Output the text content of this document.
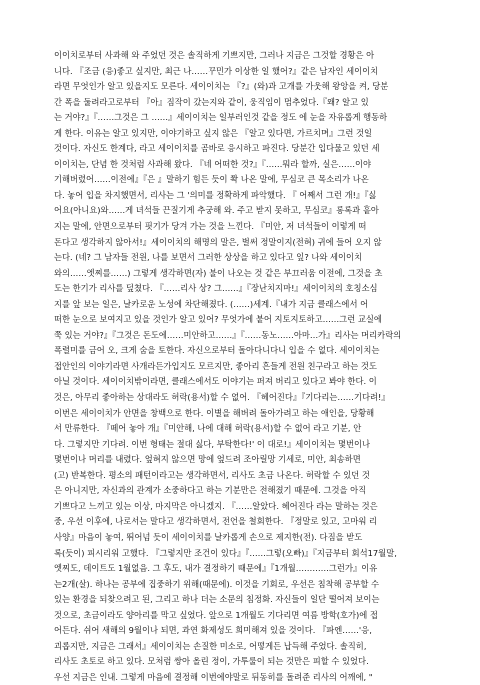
이이치로부터 사과해 와 주었던 것은 솔직하게 기쁘지만, 그러나 지금은 그것할 경황은 아
니다. 『조금 (응)좋고 싶지만, 최근 나……꾸민가 이상한 일 했어?』같은 남자인 세이이치
라면 무엇인가 알고 있을지도 모른다. 세이이치는 『?』(와)과 고개를 가웃해 왕앙을 켜, 당분
간 폭을 둘려라고로부터 『아』짐작이 갔는지와 같이, 웅직임이 멈추었다.『왜? 알고 있
는 거야?』『……그것은 그 ……』세이이치는 일부러인것 같을 정도 에 눈을 자유롭게 행동하
게 한다. 이유는 알고 있지만, 이야기하고 싶지 않은 『알고 있다면, 가르치며』그런 것일
것이다. 자신도 한계다, 라고 세이이치를 곰바로 응시하고 파진다. 당분간 입다물고 있던 세
이이치는, 단념 한 것처럼 사과해 왔다. 『네 어떠한 것?』『……뭐라 할까, 실은……이야
기해버렸어……이전에』『은 』말하기 힘든 듯이 쫙 나온 말에, 무심코 큰 목소리가 나온
다. 놓어 입을 차지했면서, 리사는 그 '의미를 정확하게 파악했다. 『 어째서 그런 개!』『싫
어요(아니요)와……게 녀석들 끈질기게 추궁해 와. 주고 받지 못하고, 무심코』롱록과 흩아
지는 말에, 안면으로부터 핏기가 당겨 가는 것을 느낀다. 『미안, 저 녀석들이 이렇게 떠
돈다고 생각하지 않아서!』세이이치의 해명의 말은, 벌써 정말이지(전혀) 귀에 들어 오지 않
는다. (네? 그 남자들 전원, 나를 보면서 그러한 상상을 하고 있다고 잎? 나와 세이이치
와의……엣찌를……) 그렇게 생각하면(자) 불이 나오는 것 같은 부끄러움 이전에, 그것을 초
도는 한기가 리사를 덮쳤다. 『……리사 상? 그……』『장난치지마!』세이이치의 호칭소심
지를 앞 보는 일은, 날카로운 노성에 차단해졌다. (……)세계.『내가 지금 클래스에서 어
떠한 눈으로 보여지고 있을 것인가 알고 있어? 무엇가에 붙어 지토지토하고……그런 교실에
쭉 있는 거야?』『그것은 돈도에……미안하고……』『……동노……아마…가』리사는 머리카락의
폭렬미를 금어 오, 크게 숨을 토한다. 자신으로부터 돌아다니다니 입을 수 없다. 세이이치는
접안인의 이야기라면 사개라든가입지도 모르지만, 좋아리 흔들게 전원 친구라고 하는 것도
아닐 것이다. 세이이치밖이라면, 클래스에서도 이야기는 퍼져 버리고 있다고 봐야 한다. 이
것은, 아무리 좋아하는 상대라도 허락(용서)할 수 없어. 『헤어진다』『기다리는……기다려!』
이번은 세이이치가 안면을 창백으로 한다. 이별을 해버려 돌아가려고 하는 애인을, 당황해
서 만류한다. 『떼어 놓아 개』『미안해, 나에 대해 허락(용서)할 수 없어 라고 기분, 안
다. 그렇지만 기다려. 이번 형태는 절대 싫다, 부탁한다!' 이 대로!』세이이치는 몇번이나
몇번이나 머리를 내렸다. 엎혀지 않으면 망에 엎드려 조아릴망 기세로, 미안, 최송하면
(고) 반복한다. 평소의 패턴이라고는 생각하면서, 리사도 초금 나온다. 허락할 수 있던 것
은 아니지만, 자신과의 관계가 소중하다고 하는 기분만은 전해졌기 때문에. 그것을 아직
기쁘다고 느끼고 있는 이상, 마지막은 아니겠지. 『……알았다. 헤어진다 라는 말하는 것은
중, 우선 이후에, 나로서는 말다고 생각하면서, 전언을 철회한다. 『정말로 있고, 고마워 리
사양』마음이 놓여, 뛰어넘 듯이 세이이치를 날카롭게 손으로 제지한(전). 다짐을 받도
록(듯이) 피시리워 고했다. 『그렇지만 조건이 있다』『……그렇(오빠)』『지금부터 회석17월말,
엣찌도, 데이트도 1월없음. 그 후도, 내가 결정하기 때문에』『1개월…………그런가』이유
는2개(살). 하나는 공부에 집중하기 위해(때문에). 이것을 기회로, 우선은 침착해 공부할 수
있는 환경을 되찾으려고 된, 그리고 하나 더는 소문의 침정화. 자신들이 일단 떨어져 보이는
것으로, 초금이라도 양아리를 막고 싶었다. 앞으로 1개월도 기다리면 여름 방학(호가)에 접
어든다. 쉬어 새해의 9월이나 되면, 과연 화제성도 희미해져 있을 것이다. 『파엔……'응,
괴롭지만, 지금은 그래서』세이이치는 손질한 미소로, 어떻게든 납득해 주었다. 솔직히,
리사도 초토로 하고 있다. 모처럼 쌍아 올린 정이, 가투룰이 되는 것만은 피할 수 있었다.
우선 지금은 인내. 그렇게 마음에 결정해 이번에야말로 뒤동히를 돌려준 리사의 어깨에, "
